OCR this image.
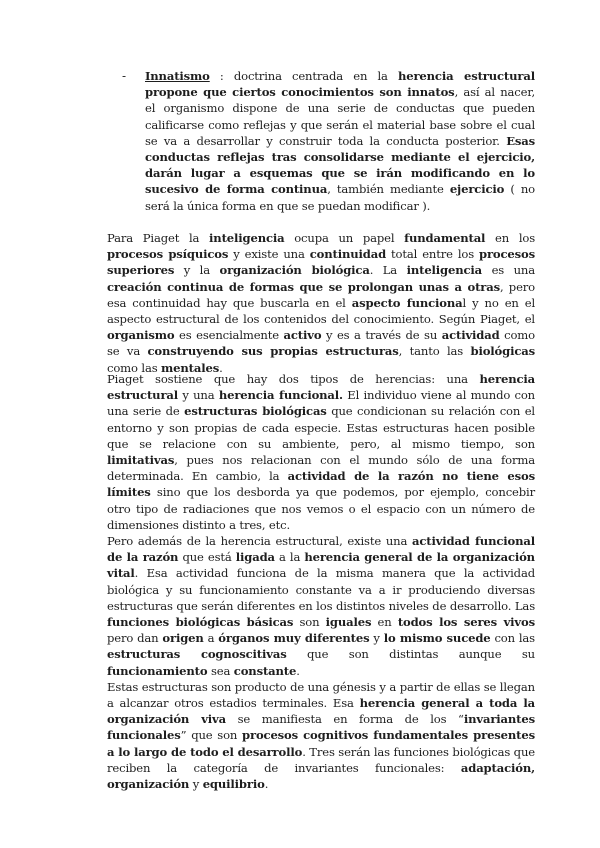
- Innatismo : doctrina centrada en la herencia estructural propone que ciertos conocimientos son innatos, así al nacer, el organismo dispone de una serie de conductas que pueden calificarse como reflejas y que serán el material base sobre el cual se va a desarrollar y construir toda la conducta posterior. Esas conductas reflejas tras consolidarse mediante el ejercicio, darán lugar a esquemas que se irán modificando en lo sucesivo de forma continua, también mediante ejercicio ( no será la única forma en que se puedan modificar ).

Para Piaget la inteligencia ocupa un papel fundamental en los procesos psíquicos y existe una continuidad total entre los procesos superiores y la organización biológica. La inteligencia es una creación continua de formas que se prolongan unas a otras, pero esa continuidad hay que buscarla en el aspecto funcional y no en el aspecto estructural de los contenidos del conocimiento. Según Piaget, el organismo es esencialmente activo y es a través de su actividad como se va construyendo sus propias estructuras, tanto las biológicas como las mentales.

Piaget sostiene que hay dos tipos de herencias: una herencia estructural y una herencia funcional. El individuo viene al mundo con una serie de estructuras biológicas que condicionan su relación con el entorno y son propias de cada especie. Estas estructuras hacen posible que se relacione con su ambiente, pero, al mismo tiempo, son limitativas, pues nos relacionan con el mundo sólo de una forma determinada. En cambio, la actividad de la razón no tiene esos límites sino que los desborda ya que podemos, por ejemplo, concebir otro tipo de radiaciones que nos vemos o el espacio con un número de dimensiones distinto a tres, etc.
Pero además de la herencia estructural, existe una actividad funcional de la razón que está ligada a la herencia general de la organización vital. Esa actividad funciona de la misma manera que la actividad biológica y su funcionamiento constante va a ir produciendo diversas estructuras que serán diferentes en los distintos niveles de desarrollo. Las funciones biológicas básicas son iguales en todos los seres vivos pero dan origen a órganos muy diferentes y lo mismo sucede con las estructuras cognoscitivas que son distintas aunque su funcionamiento sea constante.
Estas estructuras son producto de una génesis y a partir de ellas se llegan a alcanzar otros estadios terminales. Esa herencia general a toda la organización viva se manifiesta en forma de los “invariantes funcionales” que son procesos cognitivos fundamentales presentes a lo largo de todo el desarrollo. Tres serán las funciones biológicas que reciben la categoría de invariantes funcionales: adaptación, organización y equilibrio.
